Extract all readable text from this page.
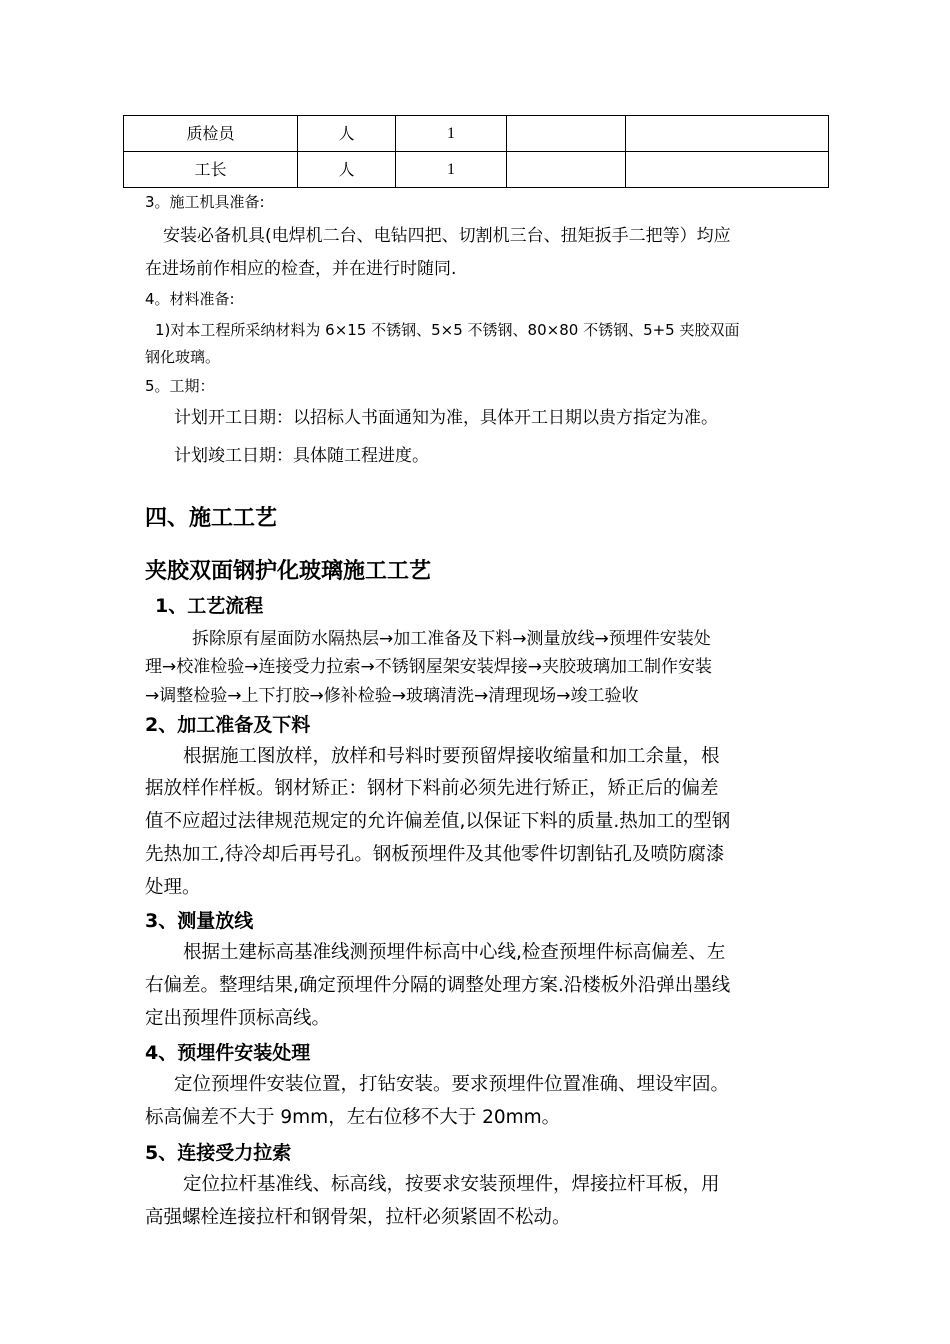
质检员	人	1		
工长	人	1		
3。施工机具准备:
安装必备机具(电焊机二台、电钻四把、切割机三台、扭矩扳手二把等）均应
在进场前作相应的检查，并在进行时随同.
4。材料准备:
1)对本工程所采纳材料为 6×15 不锈钢、5×5 不锈钢、80×80 不锈钢、5+5 夹胶双面
钢化玻璃。
5。工期：
计划开工日期：以招标人书面通知为准，具体开工日期以贵方指定为准。
计划竣工日期：具体随工程进度。
四、施工工艺
夹胶双面钢护化玻璃施工工艺
1、工艺流程
拆除原有屋面防水隔热层→加工准备及下料→测量放线→预埋件安装处
理→校准检验→连接受力拉索→不锈钢屋架安装焊接→夹胶玻璃加工制作安装
→调整检验→上下打胶→修补检验→玻璃清洗→清理现场→竣工验收
2、加工准备及下料
根据施工图放样，放样和号料时要预留焊接收缩量和加工余量，根
据放样作样板。钢材矫正：钢材下料前必须先进行矫正，矫正后的偏差
值不应超过法律规范规定的允许偏差值,以保证下料的质量.热加工的型钢
先热加工,待冷却后再号孔。钢板预埋件及其他零件切割钻孔及喷防腐漆
处理。
3、测量放线
根据土建标高基准线测预埋件标高中心线,检查预埋件标高偏差、左
右偏差。整理结果,确定预埋件分隔的调整处理方案.沿楼板外沿弹出墨线
定出预埋件顶标高线。
4、预埋件安装处理
定位预埋件安装位置，打钻安装。要求预埋件位置准确、埋设牢固。
标高偏差不大于 9mm，左右位移不大于 20mm。
5、连接受力拉索
定位拉杆基准线、标高线，按要求安装预埋件，焊接拉杆耳板，用
高强螺栓连接拉杆和钢骨架，拉杆必须紧固不松动。
